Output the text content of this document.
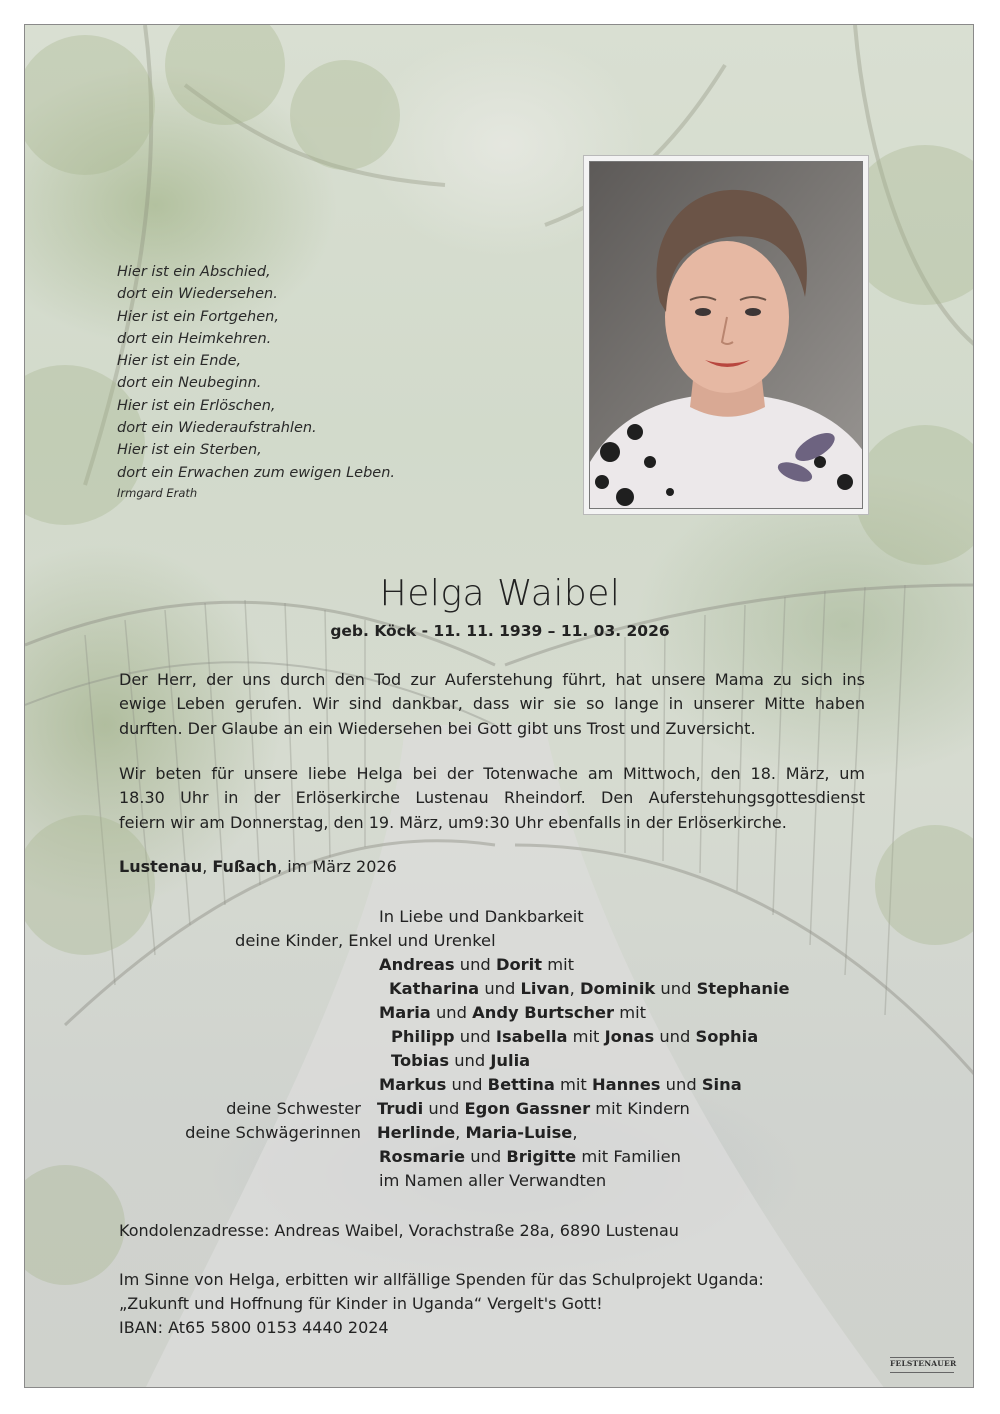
Hier ist ein Abschied,
dort ein Wiedersehen.
Hier ist ein Fortgehen,
dort ein Heimkehren.
Hier ist ein Ende,
dort ein Neubeginn.
Hier ist ein Erlöschen,
dort ein Wiederaufstrahlen.
Hier ist ein Sterben,
dort ein Erwachen zum ewigen Leben.
Irmgard Erath
Helga Waibel
geb. Köck - 11. 11. 1939 – 11. 03. 2026
Der Herr, der uns durch den Tod zur Auferstehung führt, hat unsere Mama zu sich ins
ewige Leben gerufen. Wir sind dankbar, dass wir sie so lange in unserer Mitte haben
durften. Der Glaube an ein Wiedersehen bei Gott gibt uns Trost und Zuversicht.
Wir beten für unsere liebe Helga bei der Totenwache am Mittwoch, den 18. März, um
18.30 Uhr in der Erlöserkirche Lustenau Rheindorf. Den Auferstehungsgottesdienst
feiern wir am Donnerstag, den 19. März, um9:30 Uhr ebenfalls in der Erlöserkirche.
Lustenau, Fußach, im März 2026
In Liebe und Dankbarkeit
deine Kinder, Enkel und Urenkel
Andreas und Dorit mit
Katharina und Livan, Dominik und Stephanie
Maria und Andy Burtscher mit
Philipp und Isabella mit Jonas und Sophia
Tobias und Julia
Markus und Bettina mit Hannes und Sina
deine Schwester Trudi und Egon Gassner mit Kindern
deine Schwägerinnen Herlinde, Maria-Luise,
Rosmarie und Brigitte mit Familien
im Namen aller Verwandten
Kondolenzadresse: Andreas Waibel, Vorachstraße 28a, 6890 Lustenau
Im Sinne von Helga, erbitten wir allfällige Spenden für das Schulprojekt Uganda:
„Zukunft und Hoffnung für Kinder in Uganda“ Vergelt's Gott!
IBAN: At65 5800 0153 4440 2024
FELSTENAUER
